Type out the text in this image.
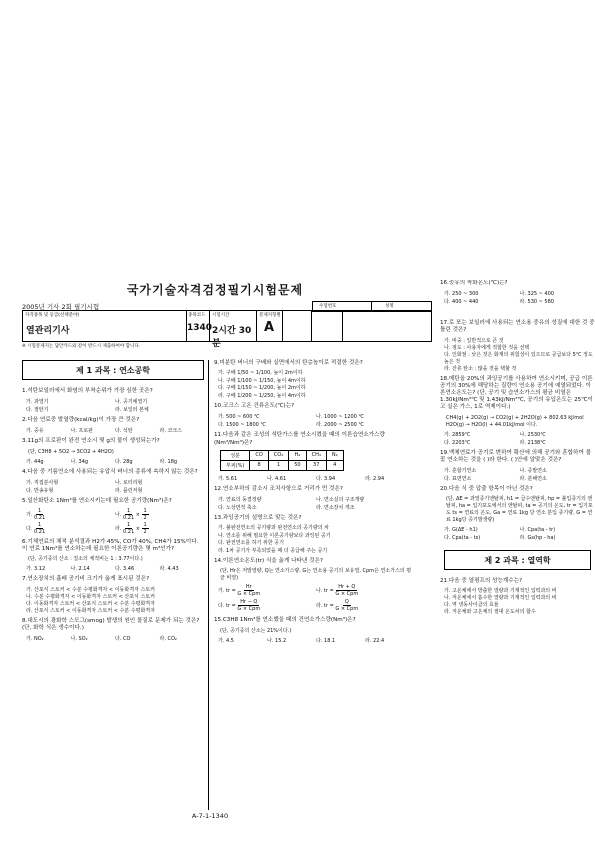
국가기술자격검정필기시험문제
2005년 기사 2회 필기시험	수험번호	성명
자격종목 및 등급(선택분야)
열관리기사
종목코드
1340
시험시간
2시간 30분
문제지형별
A
※ 시험문제지는 답안카드와 같이 반드시 제출하여야 합니다.
제 1 과목 : 연소공학
1.석탄보일러에서 화염의 부착순위가 가장 심한 곳은?
가. 과열기	나. 공기예열기
다. 절탄기	라. 보일러 본체
2.다음 연료중 발열량(kcal/kg)이 가장 큰 것은?
가. 중유	나. 프로판	다. 석탄	라. 코크스
3.11g의 프로판이 완전 연소시 몇 g의 물이 생성되는가?
(단, C3H8 + 5O2 → 3CO2 + 4H2O)
가. 44g	나. 34g	다. 28g	라. 18g
4.다음 중 기름연소에 사용되는 유압식 버너의 종류에 속하지 않는 것은?
가. 직접분사형	나. 로터리형
다. 반송유형	라. 플런저형
5.일산화탄소 1Nm³를 연소시키는데 필요한 공기량(Nm³)은?
가. $\frac{1}{0.21}$	나. $\frac{1}{0.21} \times \frac{1}{2}$
다. $\frac{1}{0.21}$	라. $\frac{1}{0.21} \times \frac{1}{2}$
6.기체연료의 체적 분석결과 H2가 45%, CO가 40%, CH4가 15%이다. 이 연료 1Nm³를 연소하는데 필요한 이론공기량은 몇 m³인가?
(단, 공기중의 산소 : 질소의 체적비는 1 : 3.77이다.)
가. 3.12	나. 2.14	다. 3.46	라. 4.43
7.연소장치의 흡배 공기비 크기가 옳게 표시된 것은?
가. 산포식 스토커 < 수분 수평화격자 < 이동화격자 스토커
나. 수분 수평화격자 < 이동화격자 스토커 < 산포식 스토커
다. 이동화격자 스토커 < 산포식 스토커 < 수분 수평화격자
라. 산포식 스토커 < 이동화격자 스토커 < 수분 수평화격자
8.대도시의 광화학 스모그(smog) 발생의 원인 물질로 문제가 되는 것은? (단, 화학 식은 생수이다.)
가. NO₂	나. SO₂	다. CO	라. CO₂
9.미분탄 버너의 구배와 실면에서의 탄층높이로 적절한 것은?
가. 구배 1/50 ~ 1/100, 높이 2m이하
나. 구배 1/100 ~ 1/150, 높이 4m이하
다. 구배 1/150 ~ 1/200, 높이 2m이하
라. 구배 1/200 ~ 1/250, 높이 4m이하
10.코크스 고온 건류온도(℃)는?
가. 500 ~ 600 ℃	나. 1000 ~ 1200 ℃
다. 1500 ~ 1800 ℃	라. 2000 ~ 2500 ℃
11.다음과 같은 조성의 석탄가스를 연소시켰을 때의 이론습연소가스량(Nm³/Nm³)은?
성분	CO	CO₂	H₂	CH₄	N₂
부피(%)	8	1	50	37	4
가. 5.61	나. 4.61	다. 3.94	라. 2.94
12.연소부하의 감소시 조치사항으로 거리가 먼 것은?
가. 연료의 동결정량	나. 연소실의 구조개량
다. 노상면적 축소	라. 연소장치 개조
13.과잉공기의 설명으로 맞는 것은?
가. 불완전연소의 공기량과 완전연소의 공기량의 차
나. 연소를 위해 필요한 이론공기량보다 과잉된 공기
다. 완전연소를 하기 위한 공기
라. 1차 공기가 부족되었을 때 더 공급해 주는 공기
14.이론연소온도(tr) 식을 옳게 나타낸 것은?
(단, Hr은 저발열량, Q는 연소가스량, G는 연소용 공기의 보유열, Cpm은 연소가스의 평균 비열)
가. tr = $\frac{Hr}{\text{G × Cpm}}$	나. tr = $\frac{Hr + Q}{\text{G × Cpm}}$
다. tr = $\frac{Hr - Q}{\text{G × Cpm}}$	라. tr = $\frac{Q}{\text{G × Cpm}}$
15.C3H8 1Nm³를 연소했을 때의 건연소가스량(Nm³)은?
(단, 공기중의 산소는 21%이다.)
가. 4.5	나. 15.2	다. 18.1	라. 22.4
16.중유의 착화온도(℃)는?
가. 250 ~ 300	나. 325 ~ 400
다. 400 ~ 440	라. 530 ~ 580
17.로 또는 보일러에 사용되는 연소용 중유의 성질에 대한 것 중 틀린 것은?
가. 비중 : 일반적으로 큰 것
나. 점도 : 사용자에게 적합한 것을 선택
다. 인화점 : 낮은 것은 화재의 위험성이 있으므로 공급보다 5℃ 정도 높은 것
라. 잔류 탄소 : 많을 것을 택할 것
18.메탄올 20%의 과잉공기를 사용하여 연소시키며, 공급 이론 공기의 30%에 해당하는 질량이 연소용 공기에 예열되었다. 이론연소온도는? (단, 공기 및 습연소가스의 평균 비열은 1.30kJ/Nm³℃ 및 1.43kJ/Nm³℃, 공기의 유입온도는 25℃이고 실은 가스, 1로 역제이다.)
CH4(g) + 2O2(g) → CO2(g) + 2H2O(g) + 802.63 kJ/mol
H2O(g) → H2O(l) + 44.01kJ/mol 이다.
가. 2859℃	나. 2530℃
다. 2203℃	라. 2138℃
19.액체연료가 공기로 변하여 확산에 의해 공기와 혼합하여 불꽃 연소하는 것을 ( )라 한다. ( )안에 알맞은 것은?
가. 훈합기연소	나. 증발연소
다. 표면연소	라. 분해연소
20.다음 식 중 압출 항목이 아닌 것은?
(단, ΔE = 과열증기엔탈피, h1 = 급수엔탈피, hp = 불입증기의 엔탈피, ha = 입기포도에서의 엔탈피, ta = 공기의 온도, tr = 입기포도 ts = 연료의 온도, Ga = 연료 1kg 당 연소 분입 증기량, G = 연료 1kg당 증기발생량)
가. G(ΔE - h1)	나. Cpa(ta - tr)
다. Cpa(ta - ts)	라. Gs(hp - ha)
제 2 과목 : 열역학
21.다음 중 열평프의 성능계수는?
가. 고온체에서 방출한 열량과 기계적인 입력과의 비
나. 저온체에서 흡수한 열량과 기계적인 입력과의 비
다. 역 냉동사이클의 효율
라. 저온체와 고온체의 절대 온도차의 합수
A-7-1-1340
